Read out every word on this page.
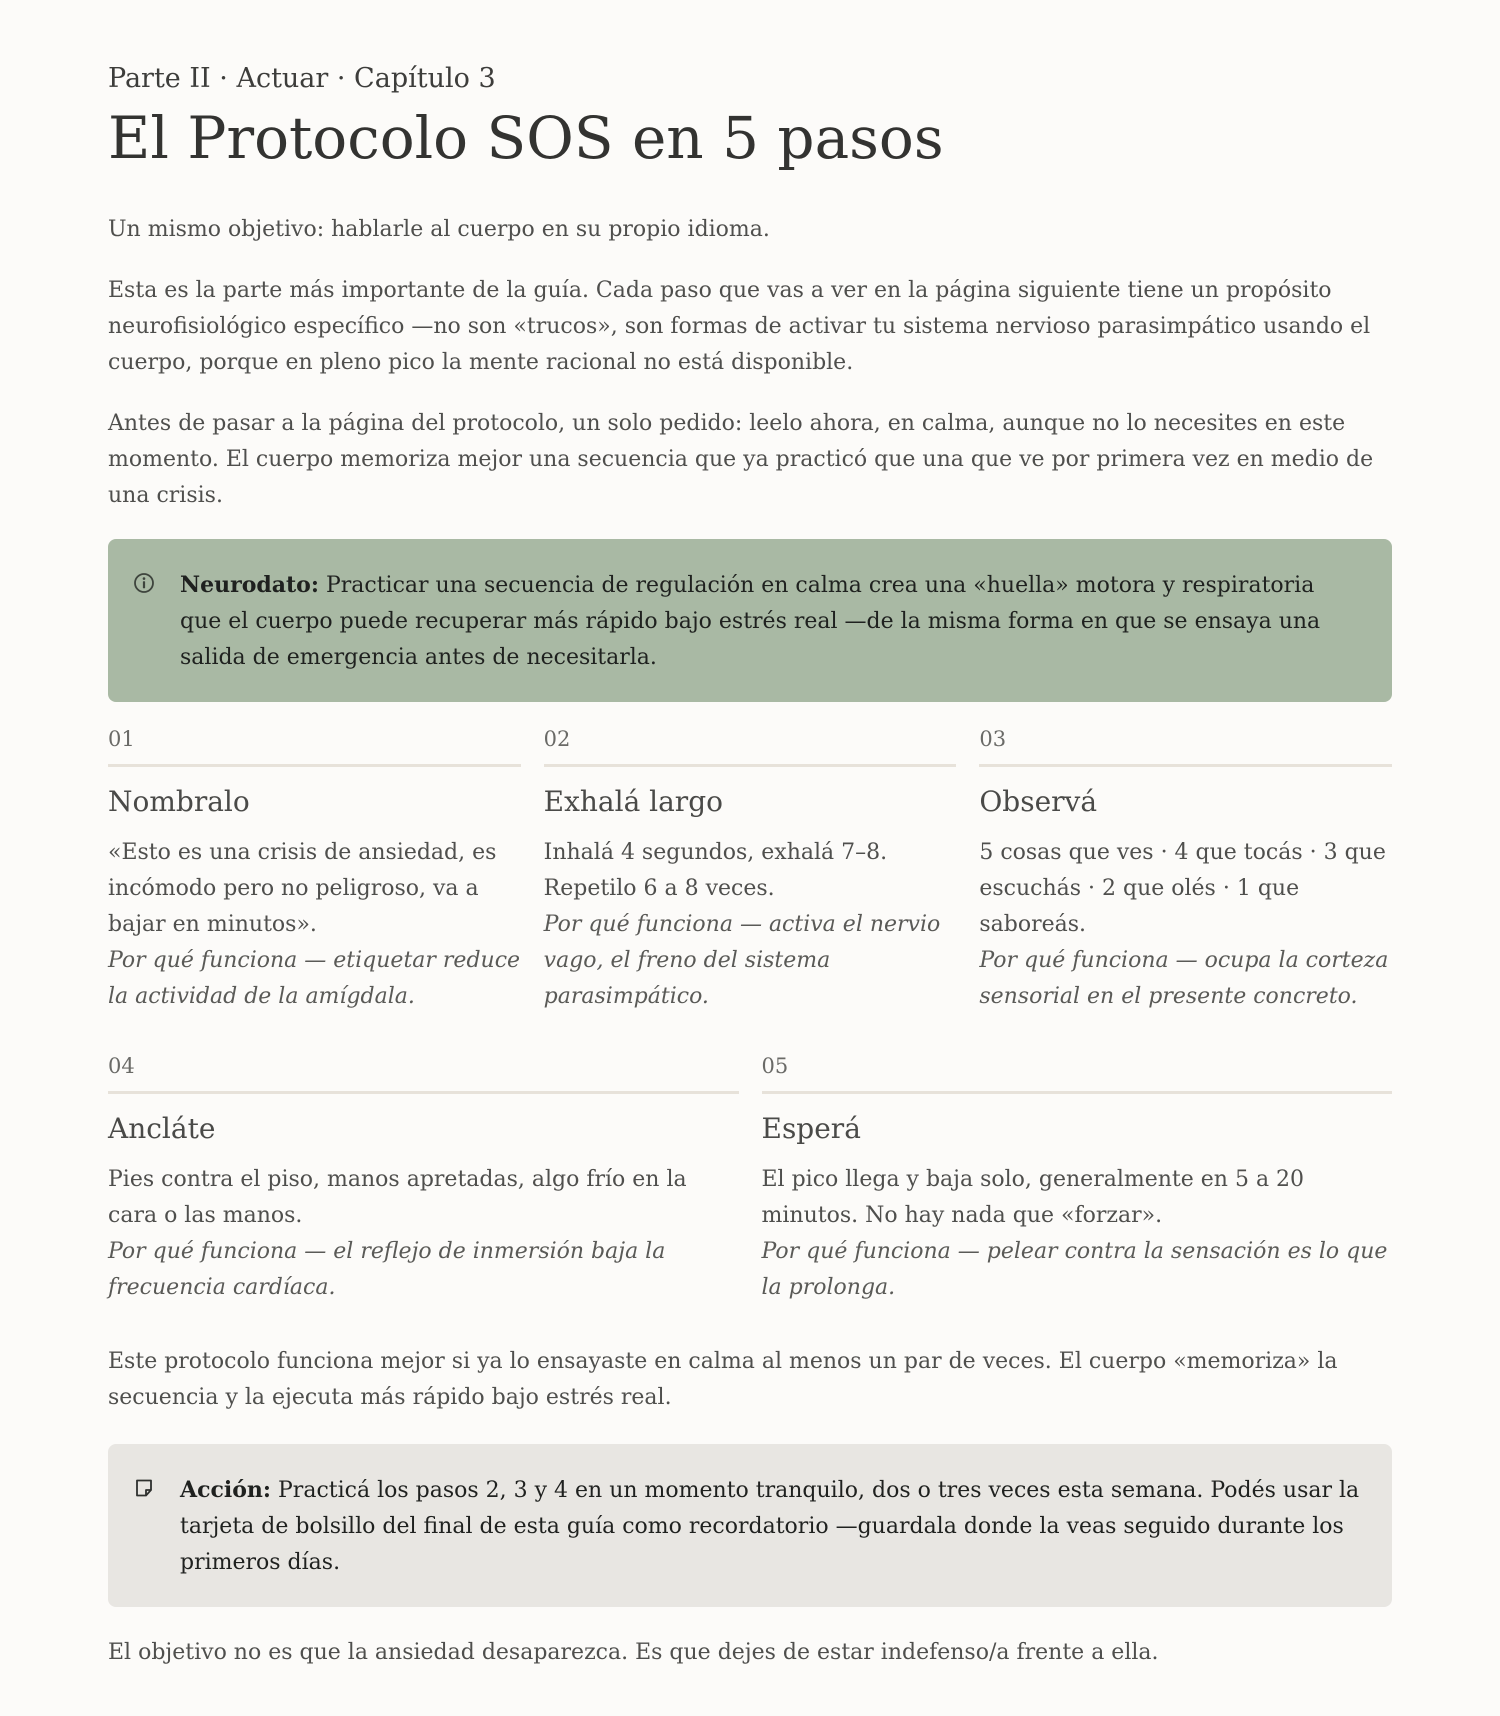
Parte II · Actuar · Capítulo 3

El Protocolo SOS en 5 pasos

Un mismo objetivo: hablarle al cuerpo en su propio idioma.

Esta es la parte más importante de la guía. Cada paso que vas a ver en la página siguiente tiene un propósito neurofisiológico específico —no son «trucos», son formas de activar tu sistema nervioso parasimpático usando el cuerpo, porque en pleno pico la mente racional no está disponible.

Antes de pasar a la página del protocolo, un solo pedido: leelo ahora, en calma, aunque no lo necesites en este momento. El cuerpo memoriza mejor una secuencia que ya practicó que una que ve por primera vez en medio de una crisis.

Neurodato: Practicar una secuencia de regulación en calma crea una «huella» motora y respiratoria que el cuerpo puede recuperar más rápido bajo estrés real —de la misma forma en que se ensaya una salida de emergencia antes de necesitarla.
01
Nombralo
«Esto es una crisis de ansiedad, es incómodo pero no peligroso, va a bajar en minutos».
Por qué funciona — etiquetar reduce la actividad de la amígdala.
02
Exhalá largo
Inhalá 4 segundos, exhalá 7–8. Repetilo 6 a 8 veces.
Por qué funciona — activa el nervio vago, el freno del sistema parasimpático.
03
Observá
5 cosas que ves · 4 que tocás · 3 que escuchás · 2 que olés · 1 que saboreás.
Por qué funciona — ocupa la corteza sensorial en el presente concreto.
04
Ancláte
Pies contra el piso, manos apretadas, algo frío en la cara o las manos.
Por qué funciona — el reflejo de inmersión baja la frecuencia cardíaca.
05
Esperá
El pico llega y baja solo, generalmente en 5 a 20 minutos. No hay nada que «forzar».
Por qué funciona — pelear contra la sensación es lo que la prolonga.

Este protocolo funciona mejor si ya lo ensayaste en calma al menos un par de veces. El cuerpo «memoriza» la secuencia y la ejecuta más rápido bajo estrés real.

Acción: Practicá los pasos 2, 3 y 4 en un momento tranquilo, dos o tres veces esta semana. Podés usar la tarjeta de bolsillo del final de esta guía como recordatorio —guardala donde la veas seguido durante los primeros días.

El objetivo no es que la ansiedad desaparezca. Es que dejes de estar indefenso/a frente a ella.
